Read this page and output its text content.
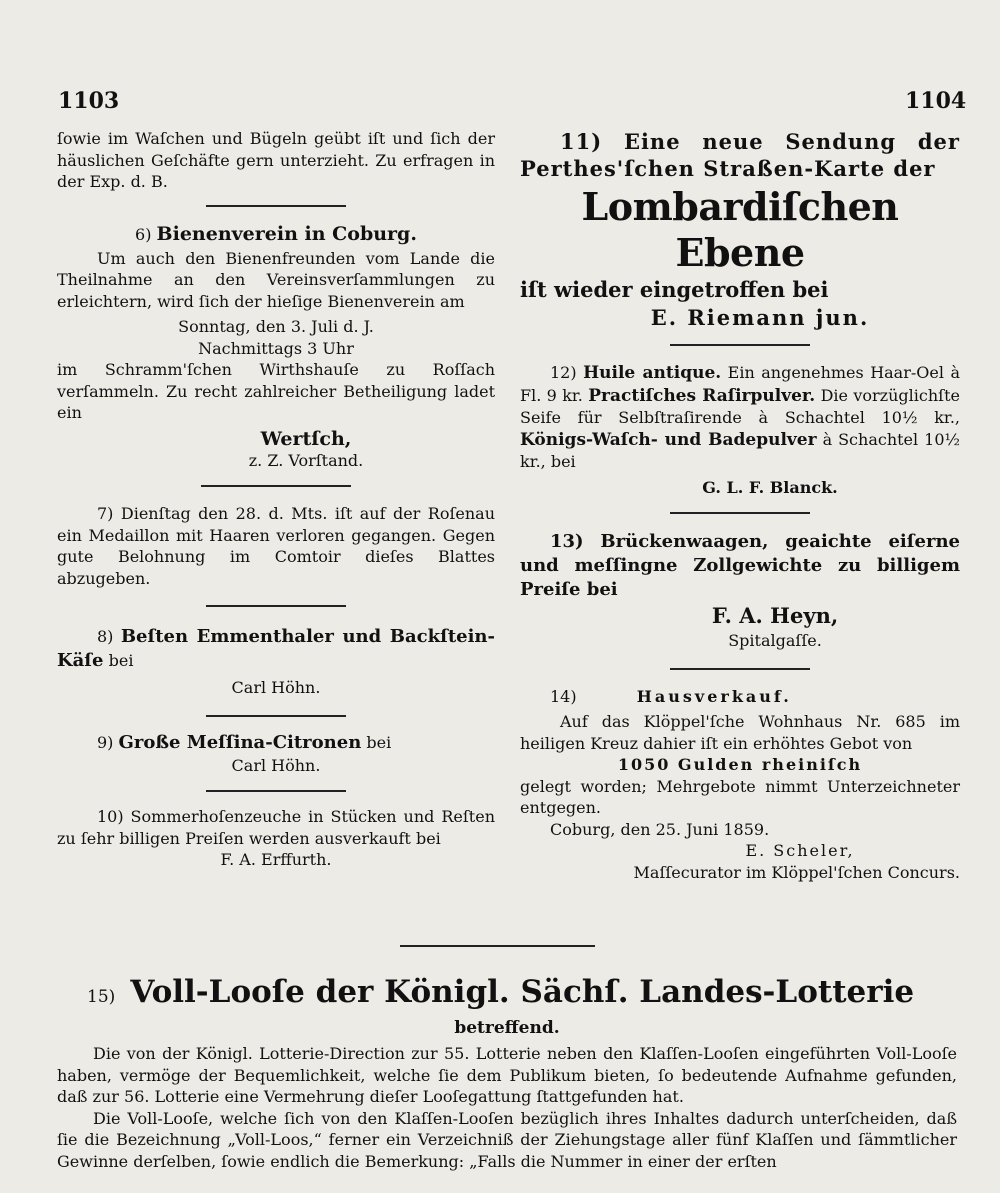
1103	1104

ſowie im Waſchen und Bügeln geübt iſt und ſich der häuslichen Geſchäfte gern unterzieht. Zu erfragen in der Exp. d. B.

6) Bienenverein in Coburg.

Um auch den Bienenfreunden vom Lande die Theilnahme an den Vereinsverſammlungen zu erleichtern, wird ſich der hieſige Bienenverein am

Sonntag, den 3. Juli d. J.

Nachmittags 3 Uhr

im Schramm'ſchen Wirthshauſe zu Roſſach verſammeln. Zu recht zahlreicher Betheiligung ladet ein

Wertſch,

z. Z. Vorſtand.

7) Dienſtag den 28. d. Mts. iſt auf der Roſenau ein Medaillon mit Haaren verloren gegangen. Gegen gute Belohnung im Comtoir dieſes Blattes abzugeben.

8) Beſten Emmenthaler und Backſtein-Käſe bei

Carl Höhn.

9) Große Meſſina-Citronen bei

Carl Höhn.

10) Sommerhoſenzeuche in Stücken und Reſten zu ſehr billigen Preiſen werden ausverkauft bei

F. A. Erffurth.

11) Eine neue Sendung der Perthes'ſchen Straßen-Karte der

Lombardiſchen Ebene

iſt wieder eingetroffen bei

E. Riemann jun.

12) Huile antique. Ein angenehmes Haar-Oel à Fl. 9 kr. Practiſches Raſirpulver. Die vorzüglichſte Seife für Selbſtraſirende à Schachtel 10½ kr., Königs-Waſch- und Badepulver à Schachtel 10½ kr., bei

G. L. F. Blanck.

13) Brückenwaagen, geaichte eiſerne und meſſingne Zollgewichte zu billigem Preiſe bei

F. A. Heyn,

Spitalgaſſe.

14)	Hausverkauf.

Auf das Klöppel'ſche Wohnhaus Nr. 685 im heiligen Kreuz dahier iſt ein erhöhtes Gebot von

1050 Gulden rheiniſch

gelegt worden; Mehrgebote nimmt Unterzeichneter entgegen.

Coburg, den 25. Juni 1859.

E. Scheler,

Maſſecurator im Klöppel'ſchen Concurs.

15) Voll-Looſe der Königl. Sächſ. Landes-Lotterie

betreffend.

Die von der Königl. Lotterie-Direction zur 55. Lotterie neben den Klaſſen-Looſen eingeführten Voll-Looſe haben, vermöge der Bequemlichkeit, welche ſie dem Publikum bieten, ſo bedeutende Aufnahme gefunden, daß zur 56. Lotterie eine Vermehrung dieſer Looſegattung ſtattgefunden hat.

Die Voll-Looſe, welche ſich von den Klaſſen-Looſen bezüglich ihres Inhaltes dadurch unterſcheiden, daß ſie die Bezeichnung „Voll-Loos,“ ferner ein Verzeichniß der Ziehungstage aller fünf Klaſſen und ſämmtlicher Gewinne derſelben, ſowie endlich die Bemerkung: „Falls die Nummer in einer der erſten
